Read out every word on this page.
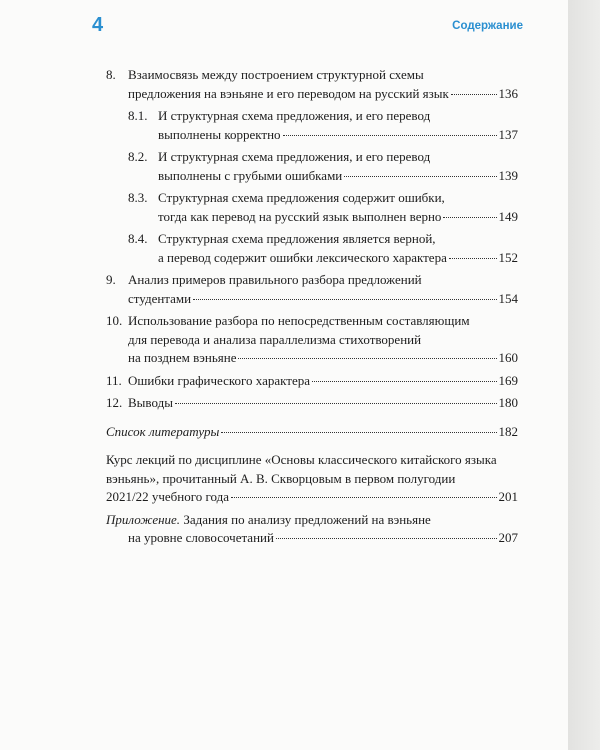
4	Содержание
8. Взаимосвязь между построением структурной схемы
предложения на вэньяне и его переводом на русский язык	136
8.1. И структурная схема предложения, и его перевод
выполнены корректно	137
8.2. И структурная схема предложения, и его перевод
выполнены с грубыми ошибками	139
8.3. Структурная схема предложения содержит ошибки,
тогда как перевод на русский язык выполнен верно	149
8.4. Структурная схема предложения является верной,
а перевод содержит ошибки лексического характера	152
9. Анализ примеров правильного разбора предложений
студентами	154
10. Использование разбора по непосредственным составляющим
для перевода и анализа параллелизма стихотворений
на позднем вэньяне	160
11. Ошибки графического характера	169
12. Выводы	180
Список литературы	182
Курс лекций по дисциплине «Основы классического китайского языка
вэньянь», прочитанный А. В. Скворцовым в первом полугодии
2021/22 учебного года	201
Приложение. Задания по анализу предложений на вэньяне
на уровне словосочетаний	207
